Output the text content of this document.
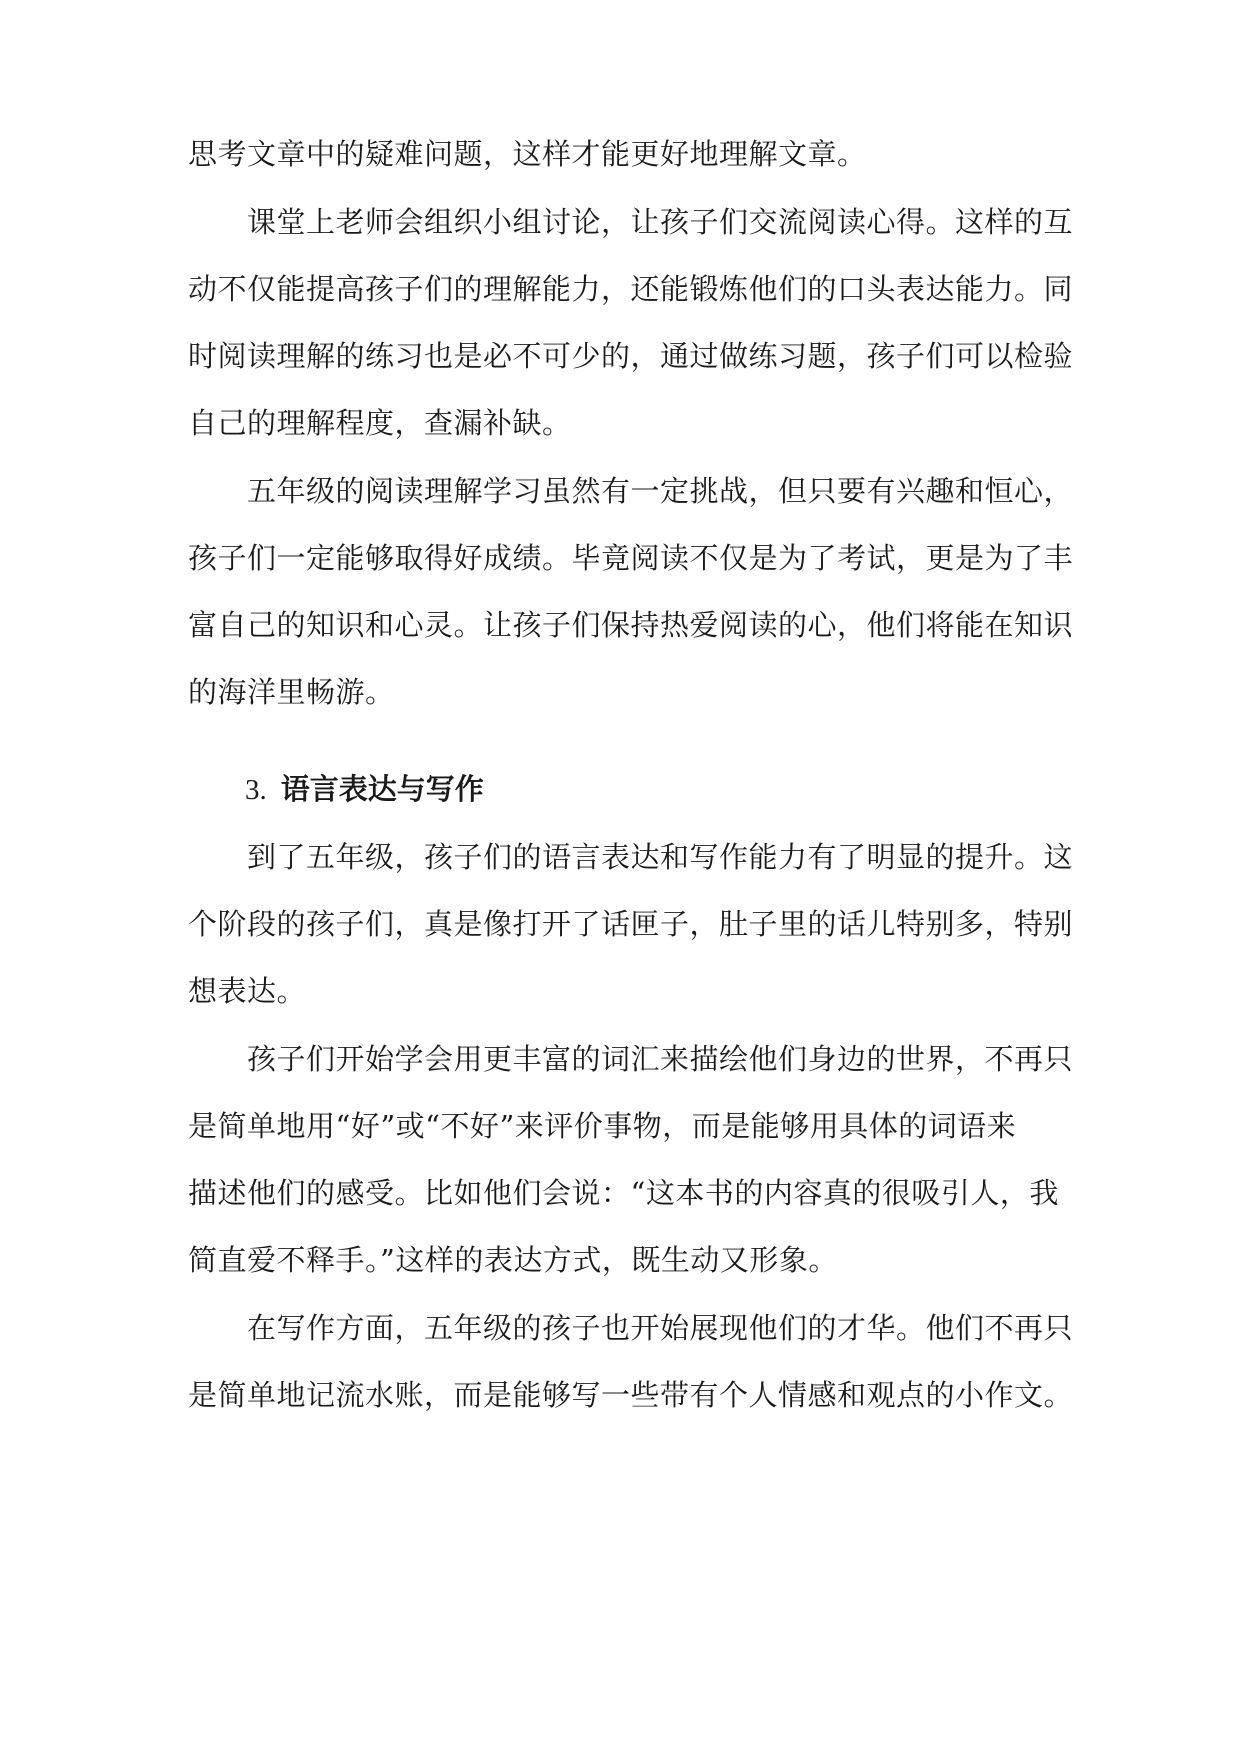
思考文章中的疑难问题，这样才能更好地理解文章。
课堂上老师会组织小组讨论，让孩子们交流阅读心得。这样的互
动不仅能提高孩子们的理解能力，还能锻炼他们的口头表达能力。同
时阅读理解的练习也是必不可少的，通过做练习题，孩子们可以检验
自己的理解程度，查漏补缺。
五年级的阅读理解学习虽然有一定挑战，但只要有兴趣和恒心，
孩子们一定能够取得好成绩。毕竟阅读不仅是为了考试，更是为了丰
富自己的知识和心灵。让孩子们保持热爱阅读的心，他们将能在知识
的海洋里畅游。
3. 语言表达与写作
到了五年级，孩子们的语言表达和写作能力有了明显的提升。这
个阶段的孩子们，真是像打开了话匣子，肚子里的话儿特别多，特别
想表达。
孩子们开始学会用更丰富的词汇来描绘他们身边的世界，不再只
是简单地用“好”或“不好”来评价事物，而是能够用具体的词语来
描述他们的感受。比如他们会说：“这本书的内容真的很吸引人，我
简直爱不释手。”这样的表达方式，既生动又形象。
在写作方面，五年级的孩子也开始展现他们的才华。他们不再只
是简单地记流水账，而是能够写一些带有个人情感和观点的小作文。
